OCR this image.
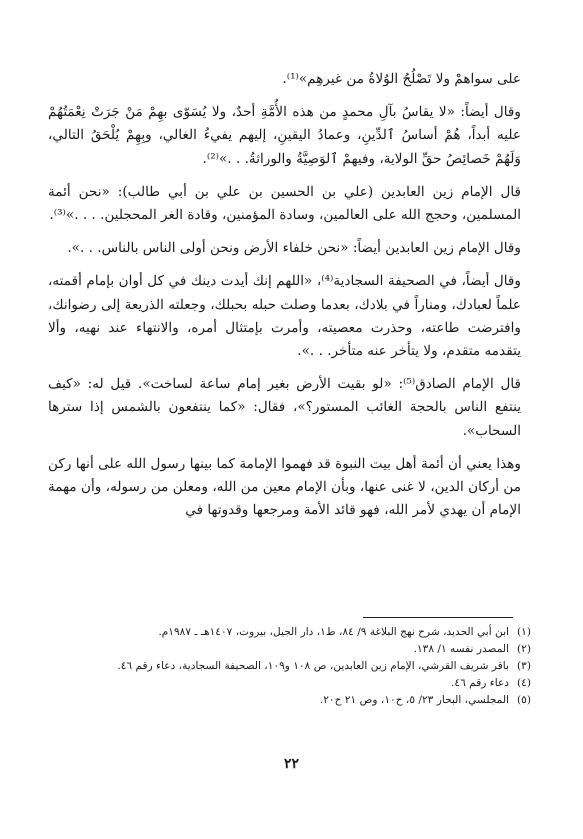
على سواهمْ ولا تَصْلُحُ الوُلاةُ من غيرهِم»⁽¹⁾.

وقال أيضاً: «لا يقاسُ بآلِ محمدٍ من هذه الأُمَّةِ أحدٌ، ولا يُسَوّى بهِمْ مَنْ جَرَتْ نِعْمَتُهُمْ عليه أبداً، هُمْ أساسُ ٱلدِّينِ، وعمادُ اليقينِ، إليهم يفيءُ الغالي، وبِهِمْ يُلْحَقُ التالي، وَلَهُمْ خَصائِصُ حقِّ الولاية، وفيهمْ ٱلوَصِيَّةُ والوراثةُ. . .»⁽²⁾.

قال الإمام زين العابدين (علي بن الحسين بن علي بن أبي طالب): «نحن أئمة المسلمين، وحجج الله على العالمين، وسادة المؤمنين، وقادة الغر المحجلين. . . .»⁽³⁾.

وقال الإمام زين العابدين أيضاً: «نحن خلفاء الأرض ونحن أولى الناس بالناس. . .».

وقال أيضاً، في الصحيفة السجادية⁽⁴⁾، «اللهم إنك أيدت دينك في كل أوان بإمام أقمته، علماً لعبادك، ومناراً في بلادك، بعدما وصلت حبله بحبلك، وجعلته الذريعة إلى رضوانك، وافترضت طاعته، وحذرت معصيته، وأمرت بإمتثال أمره، والانتهاء عند نهيه، وألا يتقدمه متقدم، ولا يتأخر عنه متأخر. . .».

قال الإمام الصادق⁽⁵⁾: «لو بقيت الأرض بغير إمام ساعة لساخت». قيل له: «كيف ينتفع الناس بالحجة الغائب المستور؟»، فقال: «كما ينتفعون بالشمس إذا سترها السحاب».

وهذا يعني أن أئمة أهل بيت النبوة قد فهموا الإمامة كما بينها رسول الله على أنها ركن من أركان الدين، لا غنى عنها، وبأن الإمام معين من الله، ومعلن من رسوله، وأن مهمة الإمام أن يهدي لأمر الله، فهو قائد الأمة ومرجعها وقدوتها في

(١)
ابن أبي الحديد، شرح نهج البلاغة ٩/ ٨٤، ط١، دار الجيل، بيروت، ١٤٠٧هـ ـ ١٩٨٧م.
(٢)
المصدر نفسه ١/ ١٣٨.
(٣)
باقر شريف القرشي، الإمام زين العابدين، ص ١٠٨ و١٠٩، الصحيفة السجادية، دعاء رقم ٤٦.
(٤)
دعاء رقم ٤٦.
(٥)
المجلسي، البحار ٢٣/ ٥، ح١٠، وص ٢١ ح٢٠.
٢٢
